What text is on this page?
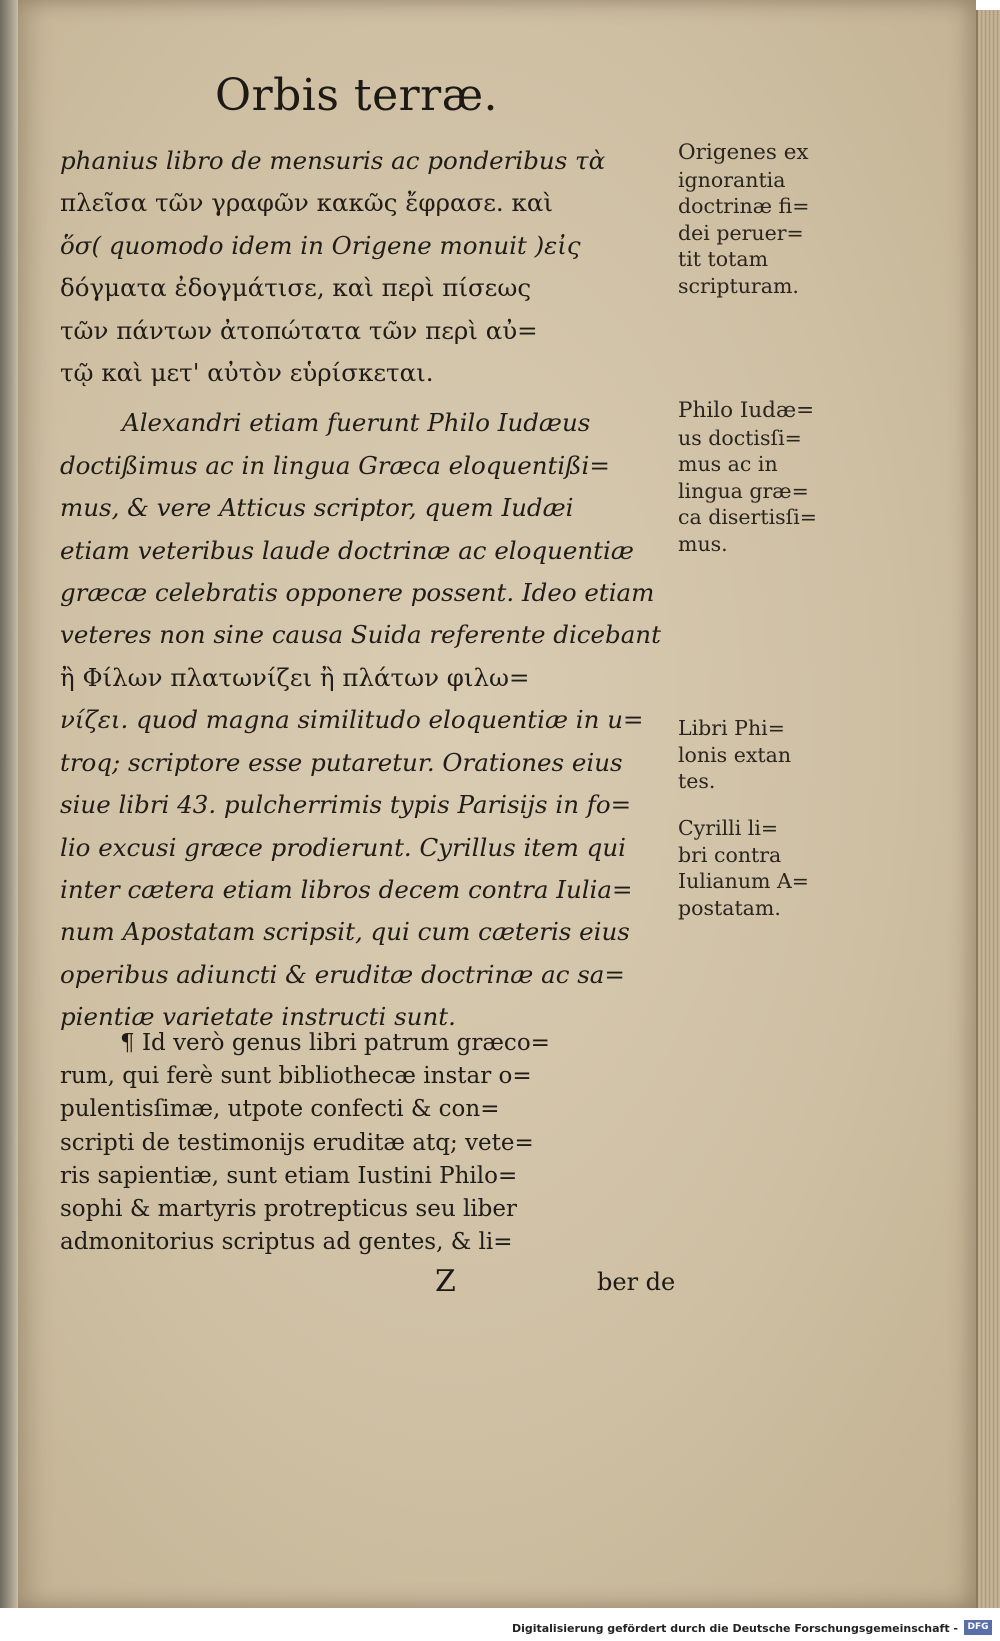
Orbis terræ.

phanius libro de mensuris ac ponderibus τὰ
πλεῖσα τῶν γραφῶν κακῶς ἔφρασε. καὶ
ὅσ( quomodo idem in Origene monuit )εἰς
δόγματα ἐδογμάτισε, καὶ περὶ πίσεως
τῶν πάντων ἀτοπώτατα τῶν περὶ αὐ=
τῷ καὶ μετ' αὐτὸν εὑρίσκεται.

Alexandri etiam fuerunt Philo Iudæus
doctißimus ac in lingua Græca eloquentißi=
mus, & vere Atticus scriptor, quem Iudæi
etiam veteribus laude doctrinæ ac eloquentiæ
græcæ celebratis opponere possent. Ideo etiam
veteres non sine causa Suida referente dicebant
ἢ Φίλων πλατωνίζει ἢ πλάτων φιλω=
νίζει. quod magna similitudo eloquentiæ in u=
troq; scriptore esse putaretur. Orationes eius
siue libri 43. pulcherrimis typis Parisijs in fo=
lio excusi græce prodierunt. Cyrillus item qui
inter cætera etiam libros decem contra Iulia=
num Apostatam scripsit, qui cum cæteris eius
operibus adiuncti & eruditæ doctrinæ ac sa=
pientiæ varietate instructi sunt.

¶ Id verò genus libri patrum græco=
rum, qui ferè sunt bibliothecæ instar o=
pulentisſimæ, utpote confecti & con=
scripti de testimonijs eruditæ atq; vete=
ris sapientiæ, sunt etiam Iustini Philo=
sophi & martyris protrepticus seu liber
admonitorius scriptus ad gentes, & li=
Origenes ex
ignorantia
doctrinæ fi=
dei peruer=
tit totam
scripturam.
Philo Iudæ=
us doctisſi=
mus ac in
lingua græ=
ca disertisſi=
mus.
Libri Phi=
lonis extan
tes.
Cyrilli li=
bri contra
Iulianum A=
postatam.
Z	ber de
Digitalisierung gefördert durch die Deutsche Forschungsgemeinschaft -	DFG
